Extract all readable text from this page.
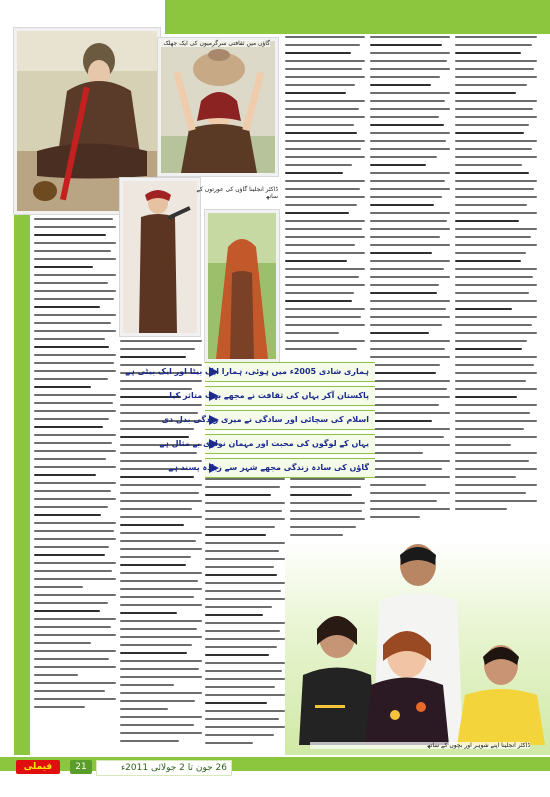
گاؤں میں ثقافتی سرگرمیوں کی ایک جھلک
ڈاکٹر انجلینا گاؤں کی عورتوں کے ساتھ
ہماری شادی 2005ء میں ہوئی، ہمارا ایک بیٹا اور ایک بیٹی ہے
پاکستان آکر یہاں کی ثقافت نے مجھے بہت متاثر کیا
اسلام کی سچائی اور سادگی نے میری زندگی بدل دی
یہاں کے لوگوں کی محبت اور مہمان نوازی بے مثال ہے
گاؤں کی سادہ زندگی مجھے شہر سے زیادہ پسند ہے
ڈاکٹر انجلینا اپنے شوہر اور بچوں کے ساتھ
فیملی	21	26 جون تا 2 جولائی 2011ء
